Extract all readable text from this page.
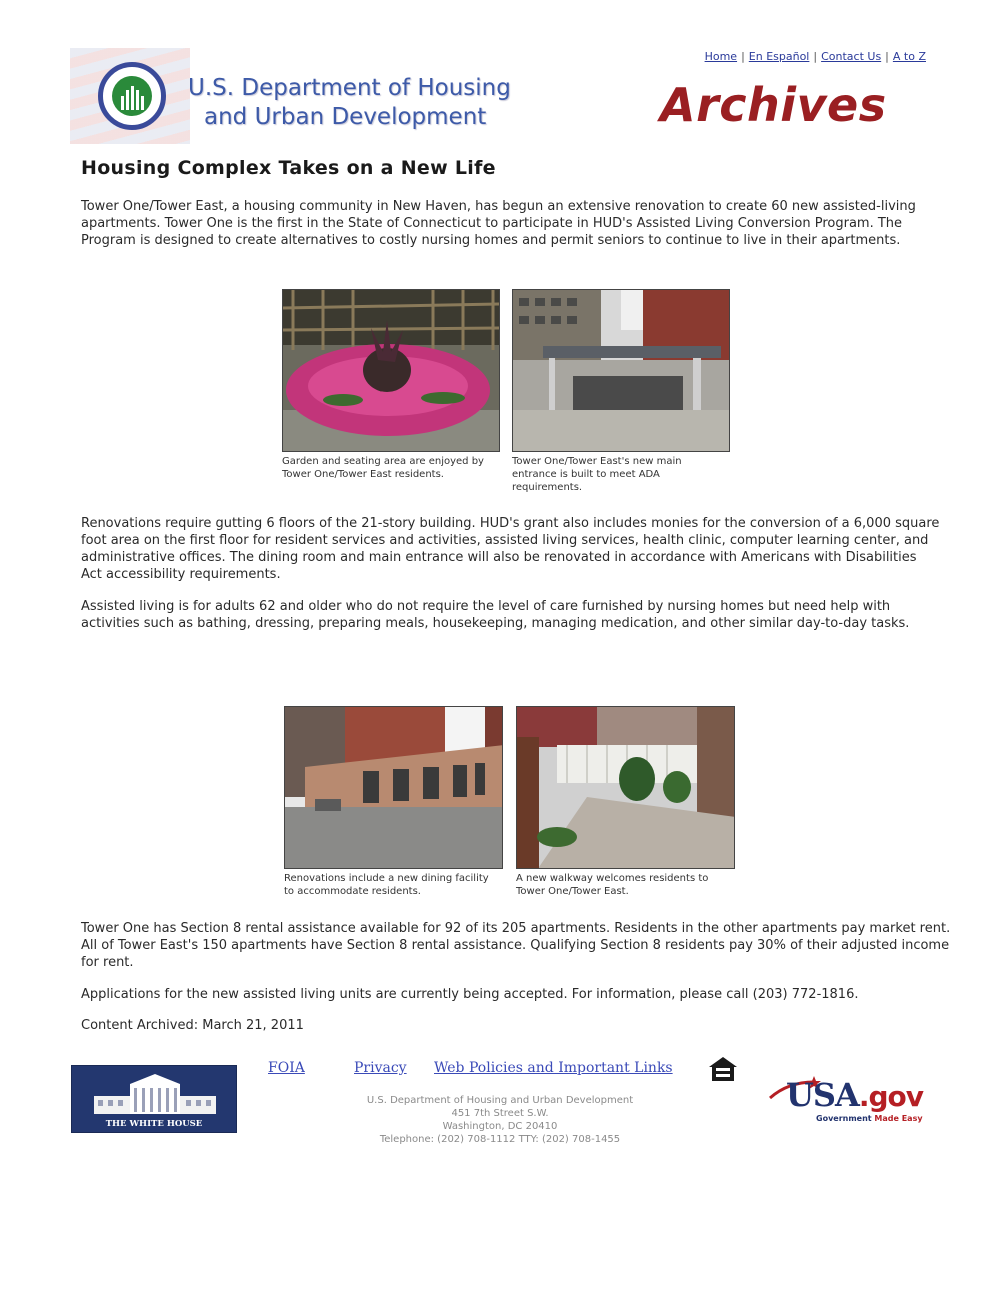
U.S. Department of Housing
and Urban Development
Home | En Español | Contact Us | A to Z
Archives
Housing Complex Takes on a New Life

Tower One/Tower East, a housing community in New Haven, has begun an extensive renovation to create 60 new assisted-living apartments. Tower One is the first in the State of Connecticut to participate in HUD's Assisted Living Conversion Program. The Program is designed to create alternatives to costly nursing homes and permit seniors to continue to live in their apartments.

Garden and seating area are enjoyed by Tower One/Tower East residents.
Tower One/Tower East's new main entrance is built to meet ADA requirements.

Renovations require gutting 6 floors of the 21-story building. HUD's grant also includes monies for the conversion of a 6,000 square foot area on the first floor for resident services and activities, assisted living services, health clinic, computer learning center, and administrative offices. The dining room and main entrance will also be renovated in accordance with Americans with Disabilities Act accessibility requirements.

Assisted living is for adults 62 and older who do not require the level of care furnished by nursing homes but need help with activities such as bathing, dressing, preparing meals, housekeeping, managing medication, and other similar day-to-day tasks.

Renovations include a new dining facility to accommodate residents.
A new walkway welcomes residents to Tower One/Tower East.

Tower One has Section 8 rental assistance available for 92 of its 205 apartments. Residents in the other apartments pay market rent. All of Tower East's 150 apartments have Section 8 rental assistance. Qualifying Section 8 residents pay 30% of their adjusted income for rent.

Applications for the new assisted living units are currently being accepted. For information, please call (203) 772-1816.

Content Archived: March 21, 2011

THE WHITE HOUSE
FOIA	Privacy Web Policies and Important Links
U.S. Department of Housing and Urban Development
451 7th Street S.W.
Washington, DC 20410
Telephone: (202) 708-1112 TTY: (202) 708-1455
USA.gov
Government Made Easy
